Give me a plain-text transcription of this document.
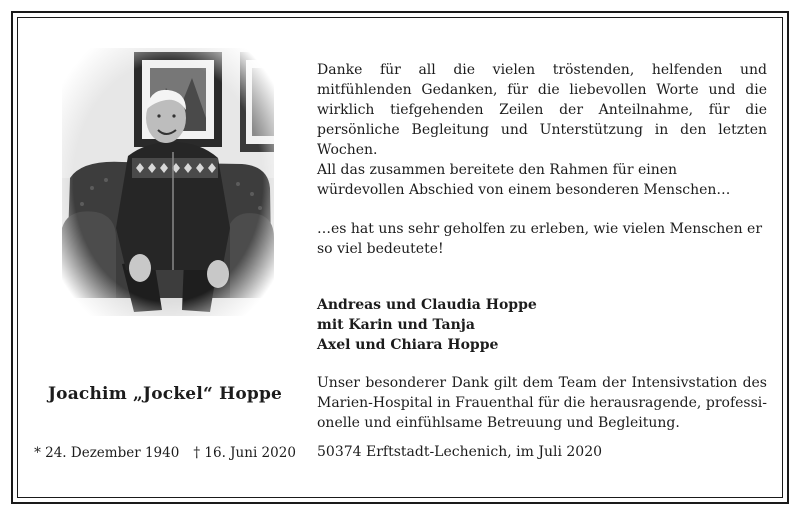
Joachim „Jockel“ Hoppe
* 24. Dezember 1940 † 16. Juni 2020
Danke für all die vielen tröstenden, helfenden und mitfühlenden Gedanken, für die liebevollen Worte und die wirklich tiefgehenden Zeilen der Anteilnahme, für die persönliche Begleitung und Unterstützung in den letzten Wochen.
All das zusammen bereitete den Rahmen für einen würdevollen Abschied von einem besonderen Menschen…
…es hat uns sehr geholfen zu erleben, wie vielen Menschen er so viel bedeutete!
Andreas und Claudia Hoppe
mit Karin und Tanja
Axel und Chiara Hoppe
Unser besonderer Dank gilt dem Team der Intensivstation des Marien-Hospital in Frauenthal für die herausragende, professionelle und einfühlsame Betreuung und Begleitung.
50374 Erftstadt-Lechenich, im Juli 2020
